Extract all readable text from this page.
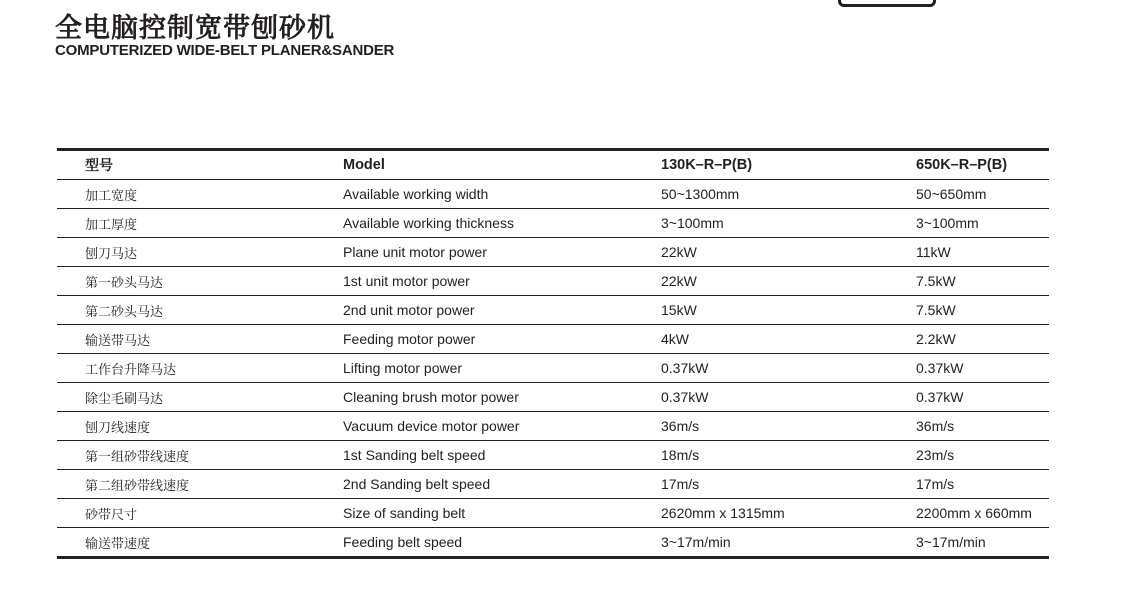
全电脑控制宽带刨砂机
COMPUTERIZED WIDE-BELT PLANER&SANDER
型号	Model	130K–R–P(B)	650K–R–P(B)
加工宽度	Available working width	50~1300mm	50~650mm
加工厚度	Available working thickness	3~100mm	3~100mm
刨刀马达	Plane unit motor power	22kW	11kW
第一砂头马达	1st unit motor power	22kW	7.5kW
第二砂头马达	2nd unit motor power	15kW	7.5kW
输送带马达	Feeding motor power	4kW	2.2kW
工作台升降马达	Lifting motor power	0.37kW	0.37kW
除尘毛刷马达	Cleaning brush motor power	0.37kW	0.37kW
刨刀线速度	Vacuum device motor power	36m/s	36m/s
第一组砂带线速度	1st Sanding belt speed	18m/s	23m/s
第二组砂带线速度	2nd Sanding belt speed	17m/s	17m/s
砂带尺寸	Size of sanding belt	2620mm x 1315mm	2200mm x 660mm
输送带速度	Feeding belt speed	3~17m/min	3~17m/min
